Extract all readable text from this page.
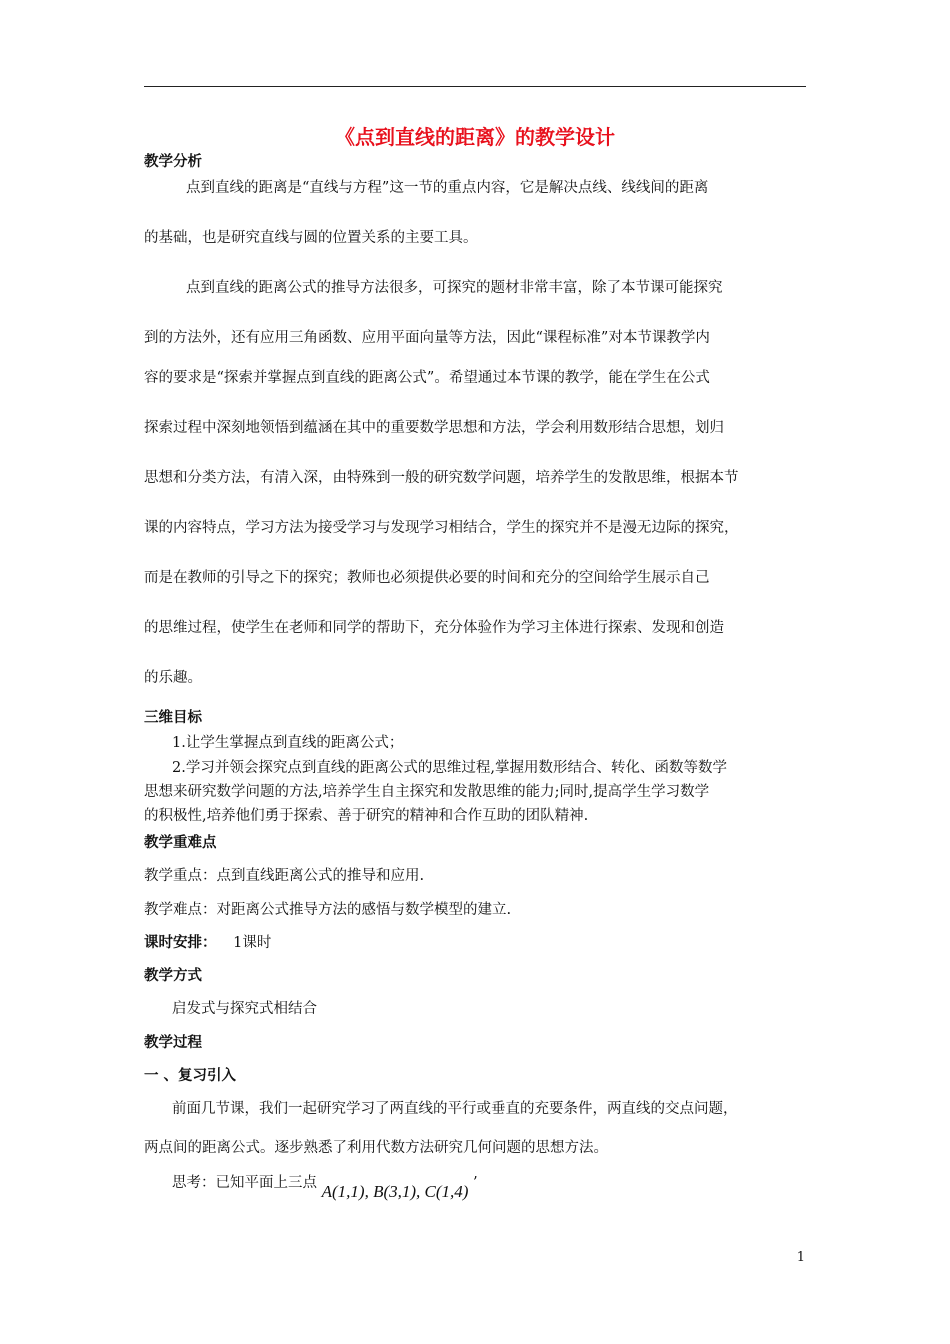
《点到直线的距离》的教学设计
教学分析
点到直线的距离是“直线与方程”这一节的重点内容，它是解决点线、线线间的距离
的基础，也是研究直线与圆的位置关系的主要工具。
点到直线的距离公式的推导方法很多，可探究的题材非常丰富，除了本节课可能探究
到的方法外，还有应用三角函数、应用平面向量等方法，因此“课程标准”对本节课教学内
容的要求是“探索并掌握点到直线的距离公式”。希望通过本节课的教学，能在学生在公式
探索过程中深刻地领悟到蕴涵在其中的重要数学思想和方法，学会利用数形结合思想，划归
思想和分类方法，有清入深，由特殊到一般的研究数学问题，培养学生的发散思维，根据本节
课的内容特点，学习方法为接受学习与发现学习相结合，学生的探究并不是漫无边际的探究，
而是在教师的引导之下的探究；教师也必须提供必要的时间和充分的空间给学生展示自己
的思维过程，使学生在老师和同学的帮助下，充分体验作为学习主体进行探索、发现和创造
的乐趣。
三维目标
1.让学生掌握点到直线的距离公式；
2.学习并领会探究点到直线的距离公式的思维过程,掌握用数形结合、转化、函数等数学
思想来研究数学问题的方法,培养学生自主探究和发散思维的能力;同时,提高学生学习数学
的积极性,培养他们勇于探索、善于研究的精神和合作互助的团队精神.
教学重难点
教学重点：点到直线距离公式的推导和应用.
教学难点：对距离公式推导方法的感悟与数学模型的建立.
课时安排： 1课时
教学方式
启发式与探究式相结合
教学过程
一 、复习引入
前面几节课，我们一起研究学习了两直线的平行或垂直的充要条件，两直线的交点问题，
两点间的距离公式。逐步熟悉了利用代数方法研究几何问题的思想方法。
思考：已知平面上三点 A(1,1), B(3,1), C(1,4) ’
1
